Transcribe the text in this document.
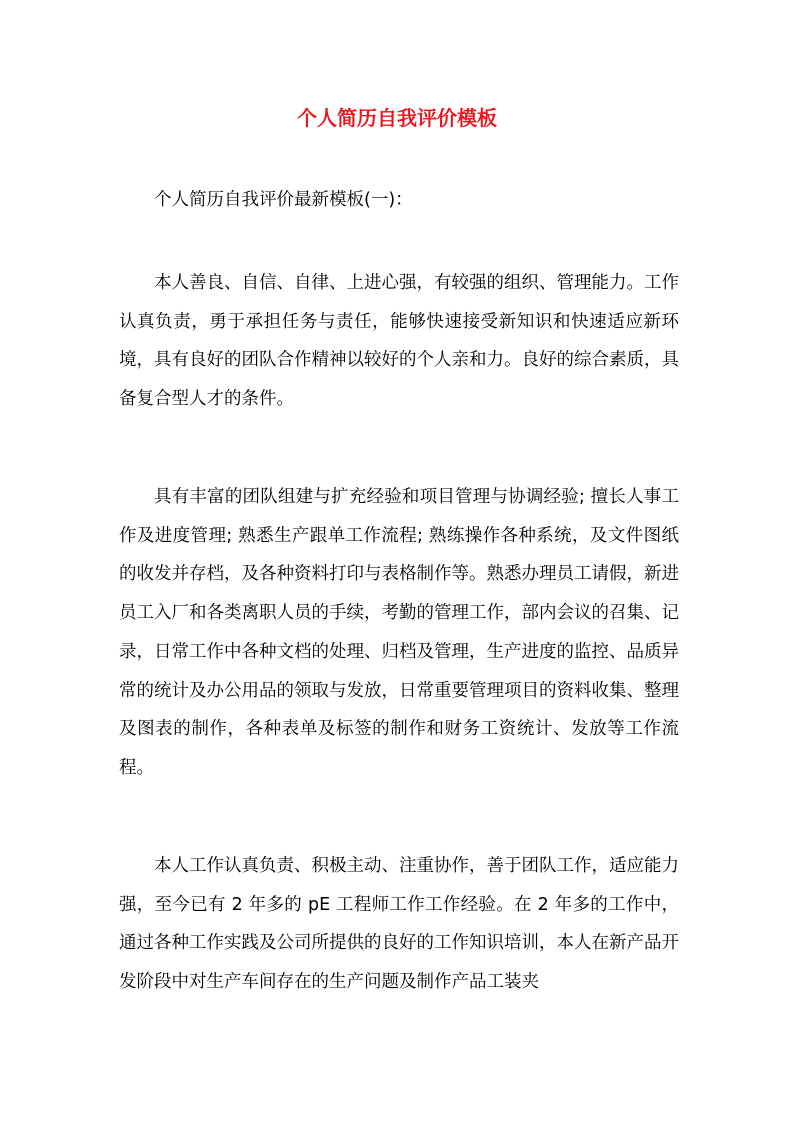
个人简历自我评价模板

个人简历自我评价最新模板(一)：

本人善良、自信、自律、上进心强，有较强的组织、管理能力。工作认真负责，勇于承担任务与责任，能够快速接受新知识和快速适应新环境，具有良好的团队合作精神以较好的个人亲和力。良好的综合素质，具备复合型人才的条件。

具有丰富的团队组建与扩充经验和项目管理与协调经验; 擅长人事工作及进度管理; 熟悉生产跟单工作流程; 熟练操作各种系统，及文件图纸的收发并存档，及各种资料打印与表格制作等。熟悉办理员工请假，新进员工入厂和各类离职人员的手续，考勤的管理工作，部内会议的召集、记录，日常工作中各种文档的处理、归档及管理，生产进度的监控、品质异常的统计及办公用品的领取与发放，日常重要管理项目的资料收集、整理及图表的制作，各种表单及标签的制作和财务工资统计、发放等工作流程。

本人工作认真负责、积极主动、注重协作，善于团队工作，适应能力强，至今已有 2 年多的 pE 工程师工作工作经验。在 2 年多的工作中，通过各种工作实践及公司所提供的良好的工作知识培训，本人在新产品开发阶段中对生产车间存在的生产问题及制作产品工装夹
